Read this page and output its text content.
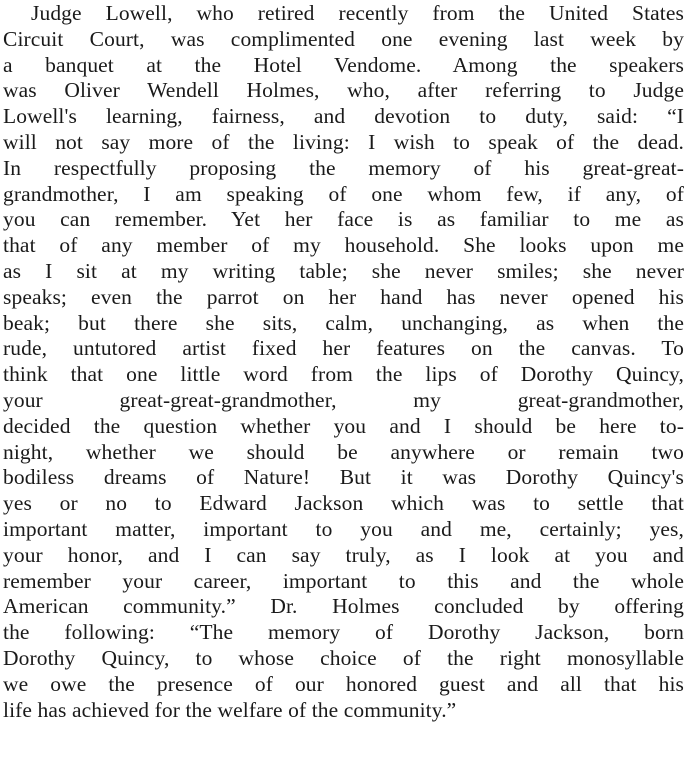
Judge Lowell, who retired recently from the United States
Circuit Court, was complimented one evening last week by
a banquet at the Hotel Vendome. Among the speakers
was Oliver Wendell Holmes, who, after referring to Judge
Lowell's learning, fairness, and devotion to duty, said: “I
will not say more of the living: I wish to speak of the dead.
In respectfully proposing the memory of his great-great-
grandmother, I am speaking of one whom few, if any, of
you can remember. Yet her face is as familiar to me as
that of any member of my household. She looks upon me
as I sit at my writing table; she never smiles; she never
speaks; even the parrot on her hand has never opened his
beak; but there she sits, calm, unchanging, as when the
rude, untutored artist fixed her features on the canvas. To
think that one little word from the lips of Dorothy Quincy,
your great-great-grandmother, my great-grandmother,
decided the question whether you and I should be here to-
night, whether we should be anywhere or remain two
bodiless dreams of Nature! But it was Dorothy Quincy's
yes or no to Edward Jackson which was to settle that
important matter, important to you and me, certainly; yes,
your honor, and I can say truly, as I look at you and
remember your career, important to this and the whole
American community.” Dr. Holmes concluded by offering
the following: “The memory of Dorothy Jackson, born
Dorothy Quincy, to whose choice of the right monosyllable
we owe the presence of our honored guest and all that his
life has achieved for the welfare of the community.”
